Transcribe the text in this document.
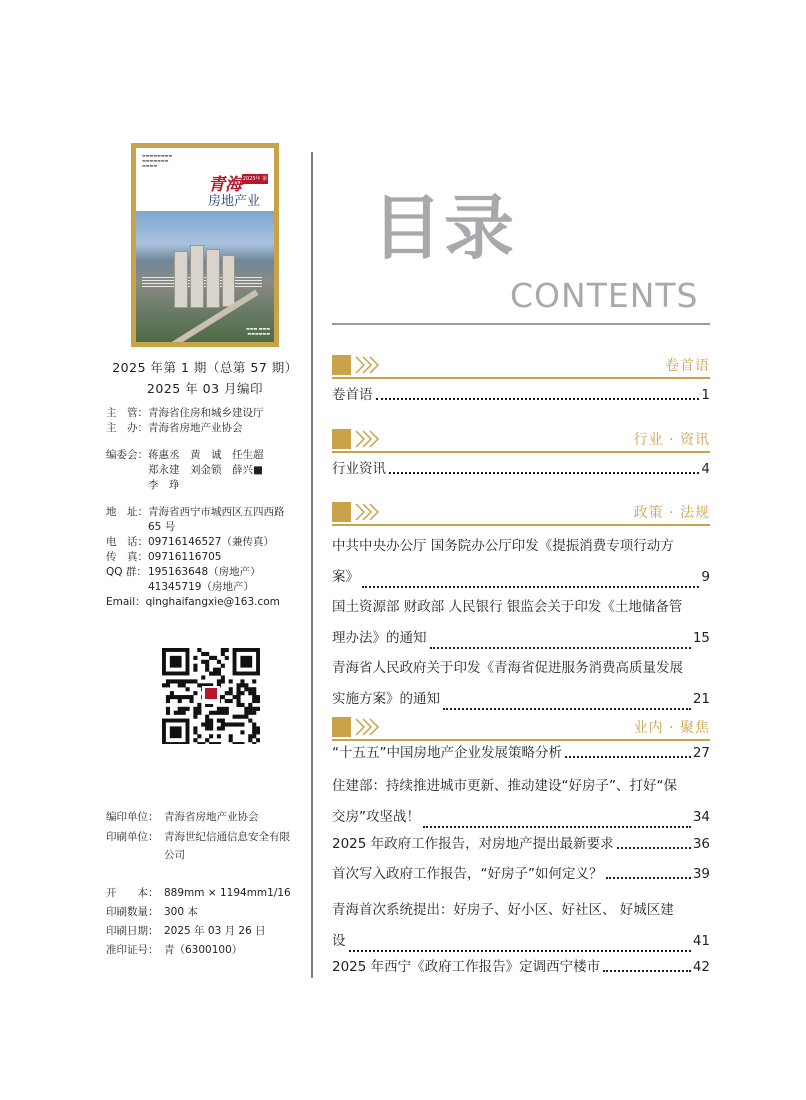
▬▬▬▬▬▬▬▬
▬▬▬▬▬▬▬
▬▬▬▬
青海 2025年 第1期
房地产业
▬▬▬ ▬▬▬
▬▬▬▬▬▬
2025 年第 1 期（总第 57 期）
2025 年 03 月编印
主　管：青海省住房和城乡建设厅
主　办：青海省房地产业协会
编委会：蒋惠丞　黄　诚　任生超
郑永建　刘金锁　薛兴■
李　琤
地　址：青海省西宁市城西区五四西路
65 号
电　话：09716146527（兼传真）
传　真：09716116705
QQ 群：195163648（房地产）
41345719（房地产）
Email：qinghaifangxie@163.com
编印单位： 青海省房地产业协会
印刷单位： 青海世纪信通信息安全有限
公司
开　　本： 889mm × 1194mm1/16
印刷数量： 300 本
印刷日期： 2025 年 03 月 26 日
准印证号： 青（6300100）
目录
CONTENTS
卷首语
卷首语	1
行业 · 资讯
行业资讯	4
政策 · 法规
中共中央办公厅 国务院办公厅印发《提振消费专项行动方
案》	9
国土资源部 财政部 人民银行 银监会关于印发《土地储备管
理办法》的通知	15
青海省人民政府关于印发《青海省促进服务消费高质量发展
实施方案》的通知	21
业内 · 聚焦
“十五五”中国房地产企业发展策略分析	27
住建部：持续推进城市更新、推动建设“好房子”、打好“保
交房”攻坚战！	34
2025 年政府工作报告，对房地产提出最新要求	36
首次写入政府工作报告，“好房子”如何定义？	39
青海首次系统提出：好房子、好小区、好社区、 好城区建
设	41
2025 年西宁《政府工作报告》定调西宁楼市	42
